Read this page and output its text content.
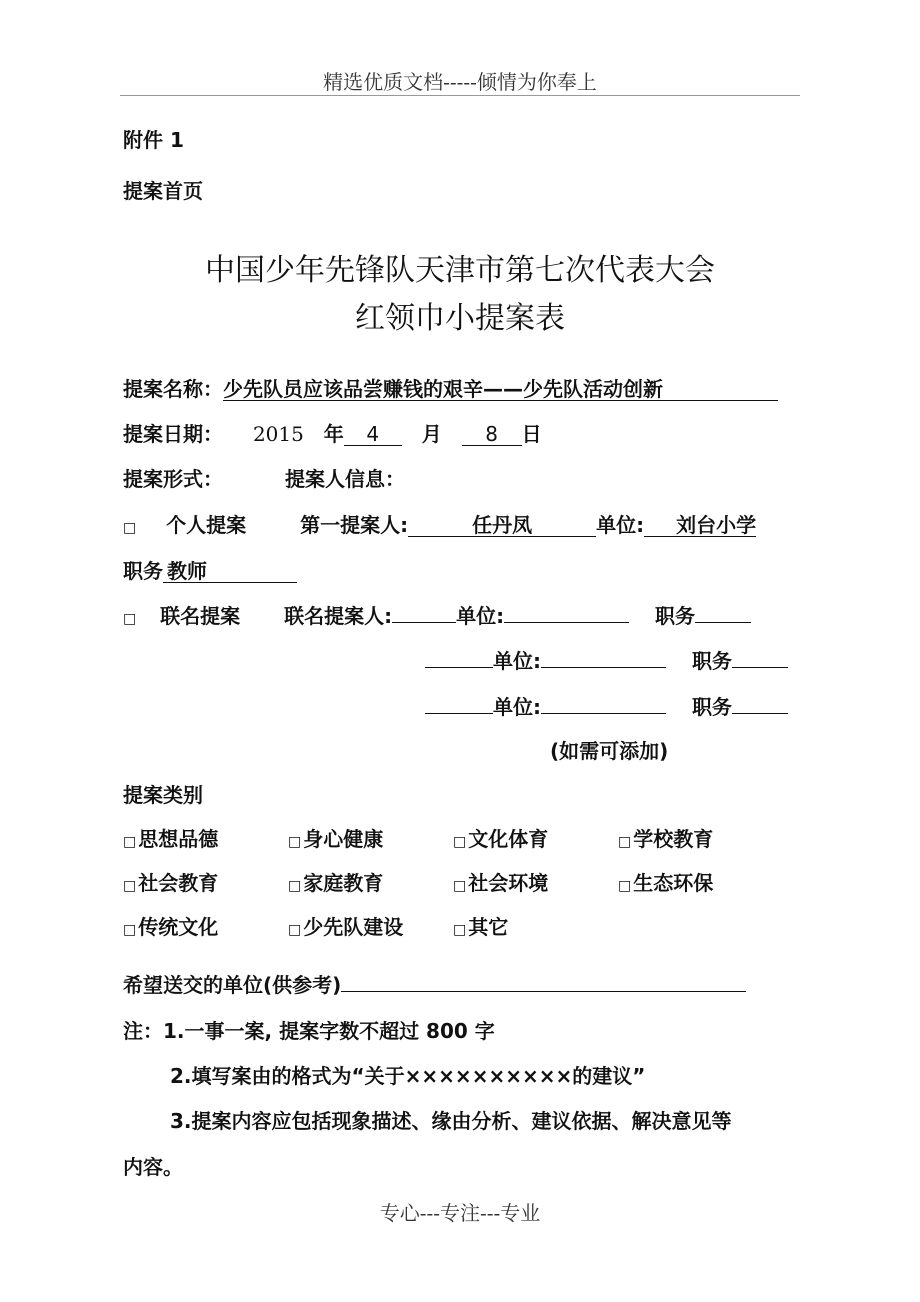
精选优质文档-----倾情为你奉上
附件 1
提案首页
中国少年先锋队天津市第七次代表大会
红领巾小提案表
提案名称：少先队员应该品尝赚钱的艰辛——少先队活动创新
提案日期： 2015 年 4 月 8 日
提案形式：	提案人信息：
□ 个人提案	第一提案人:	任丹凤	单位: 刘台小学
职务 教师
□ 联名提案 联名提案人:	单位:	职务
单位:	职务
单位:	职务
(如需可添加)
提案类别
□ 思想品德	□ 身心健康	□ 文化体育	□ 学校教育
□ 社会教育	□ 家庭教育	□ 社会环境	□ 生态环保
□ 传统文化	□ 少先队建设	□ 其它
希望送交的单位(供参考)
注：1.一事一案, 提案字数不超过 800 字
2.填写案由的格式为“关于××××××××××的建议”
3.提案内容应包括现象描述、缘由分析、建议依据、解决意见等
内容。
专心---专注---专业
